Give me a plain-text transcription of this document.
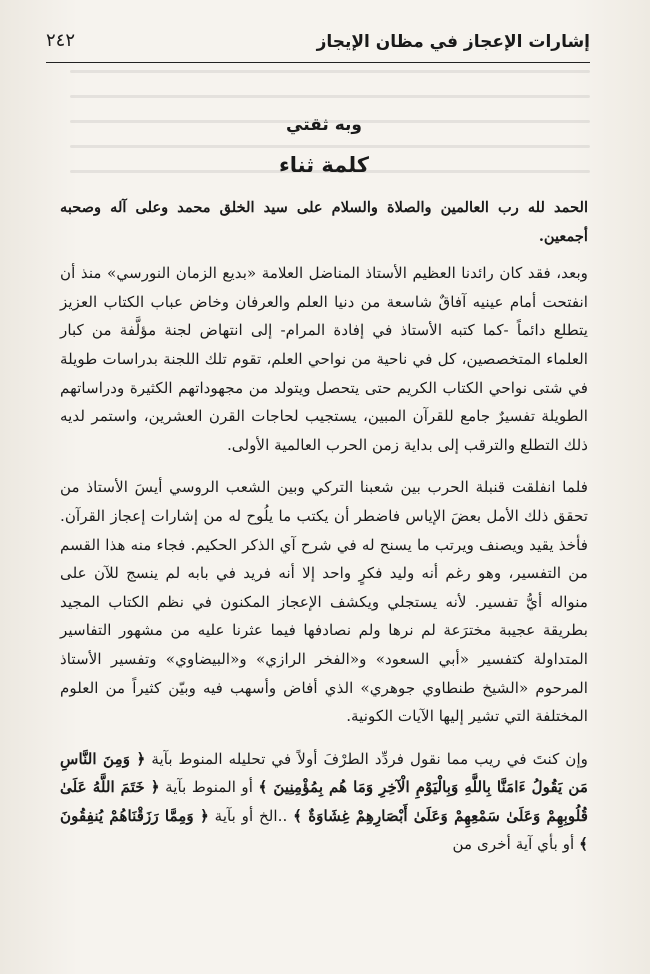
إشارات الإعجاز في مظان الإيجاز
٢٤٢
وبه ثقتي
كلمة ثناء

الحمد لله رب العالمين والصلاة والسلام على سيد الخلق محمد وعلى آله وصحبه أجمعين.

وبعد، فقد كان رائدنا العظيم الأستاذ المناضل العلامة «بديع الزمان النورسي» منذ أن انفتحت أمام عينيه آفاقٌ شاسعة من دنيا العلم والعرفان وخاض عباب الكتاب العزيز يتطلع دائماً -كما كتبه الأستاذ في إفادة المرام- إلى انتهاض لجنة مؤلَّفة من كبار العلماء المتخصصين، كل في ناحية من نواحي العلم، تقوم تلك اللجنة بدراسات طويلة في شتى نواحي الكتاب الكريم حتى يتحصل ويتولد من مجهوداتهم الكثيرة ودراساتهم الطويلة تفسيرٌ جامع للقرآن المبين، يستجيب لحاجات القرن العشرين، واستمر لديه ذلك التطلع والترقب إلى بداية زمن الحرب العالمية الأولى.

فلما انفلقت قنبلة الحرب بين شعبنا التركي وبين الشعب الروسي أيسَ الأستاذ من تحقق ذلك الأمل بعضَ الإياس فاضطر أن يكتب ما يلُوح له من إشارات إعجاز القرآن. فأخذ يقيد ويصنف ويرتب ما يسنح له في شرح آي الذكر الحكيم. فجاء منه هذا القسم من التفسير، وهو رغم أنه وليد فكرٍ واحد إلا أنه فريد في بابه لم ينسج للآن على منواله أيُّ تفسير. لأنه يستجلي ويكشف الإعجاز المكنون في نظم الكتاب المجيد بطريقة عجيبة مخترَعة لم نرها ولم نصادفها فيما عثرنا عليه من مشهور التفاسير المتداولة كتفسير «أبي السعود» و«الفخر الرازي» و«البيضاوي» وتفسير الأستاذ المرحوم «الشيخ طنطاوي جوهري» الذي أفاض وأسهب فيه وبيّن كثيراً من العلوم المختلفة التي تشير إليها الآيات الكونية.

وإن كنتَ في ريب مما نقول فردِّد الطرْفَ أولاً في تحليله المنوط بآية ﴿ وَمِنَ النَّاسِ مَن يَقُولُ ءَامَنَّا بِاللَّهِ وَبِالْيَوْمِ الْآخِرِ وَمَا هُم بِمُؤْمِنِينَ ﴾ أو المنوط بآية ﴿ خَتَمَ اللَّهُ عَلَىٰ قُلُوبِهِمْ وَعَلَىٰ سَمْعِهِمْ وَعَلَىٰ أَبْصَارِهِمْ غِشَاوَةٌ ﴾ ..الخ أو بآية ﴿ وَمِمَّا رَزَقْنَاهُمْ يُنفِقُونَ ﴾ أو بأي آية أخرى من
